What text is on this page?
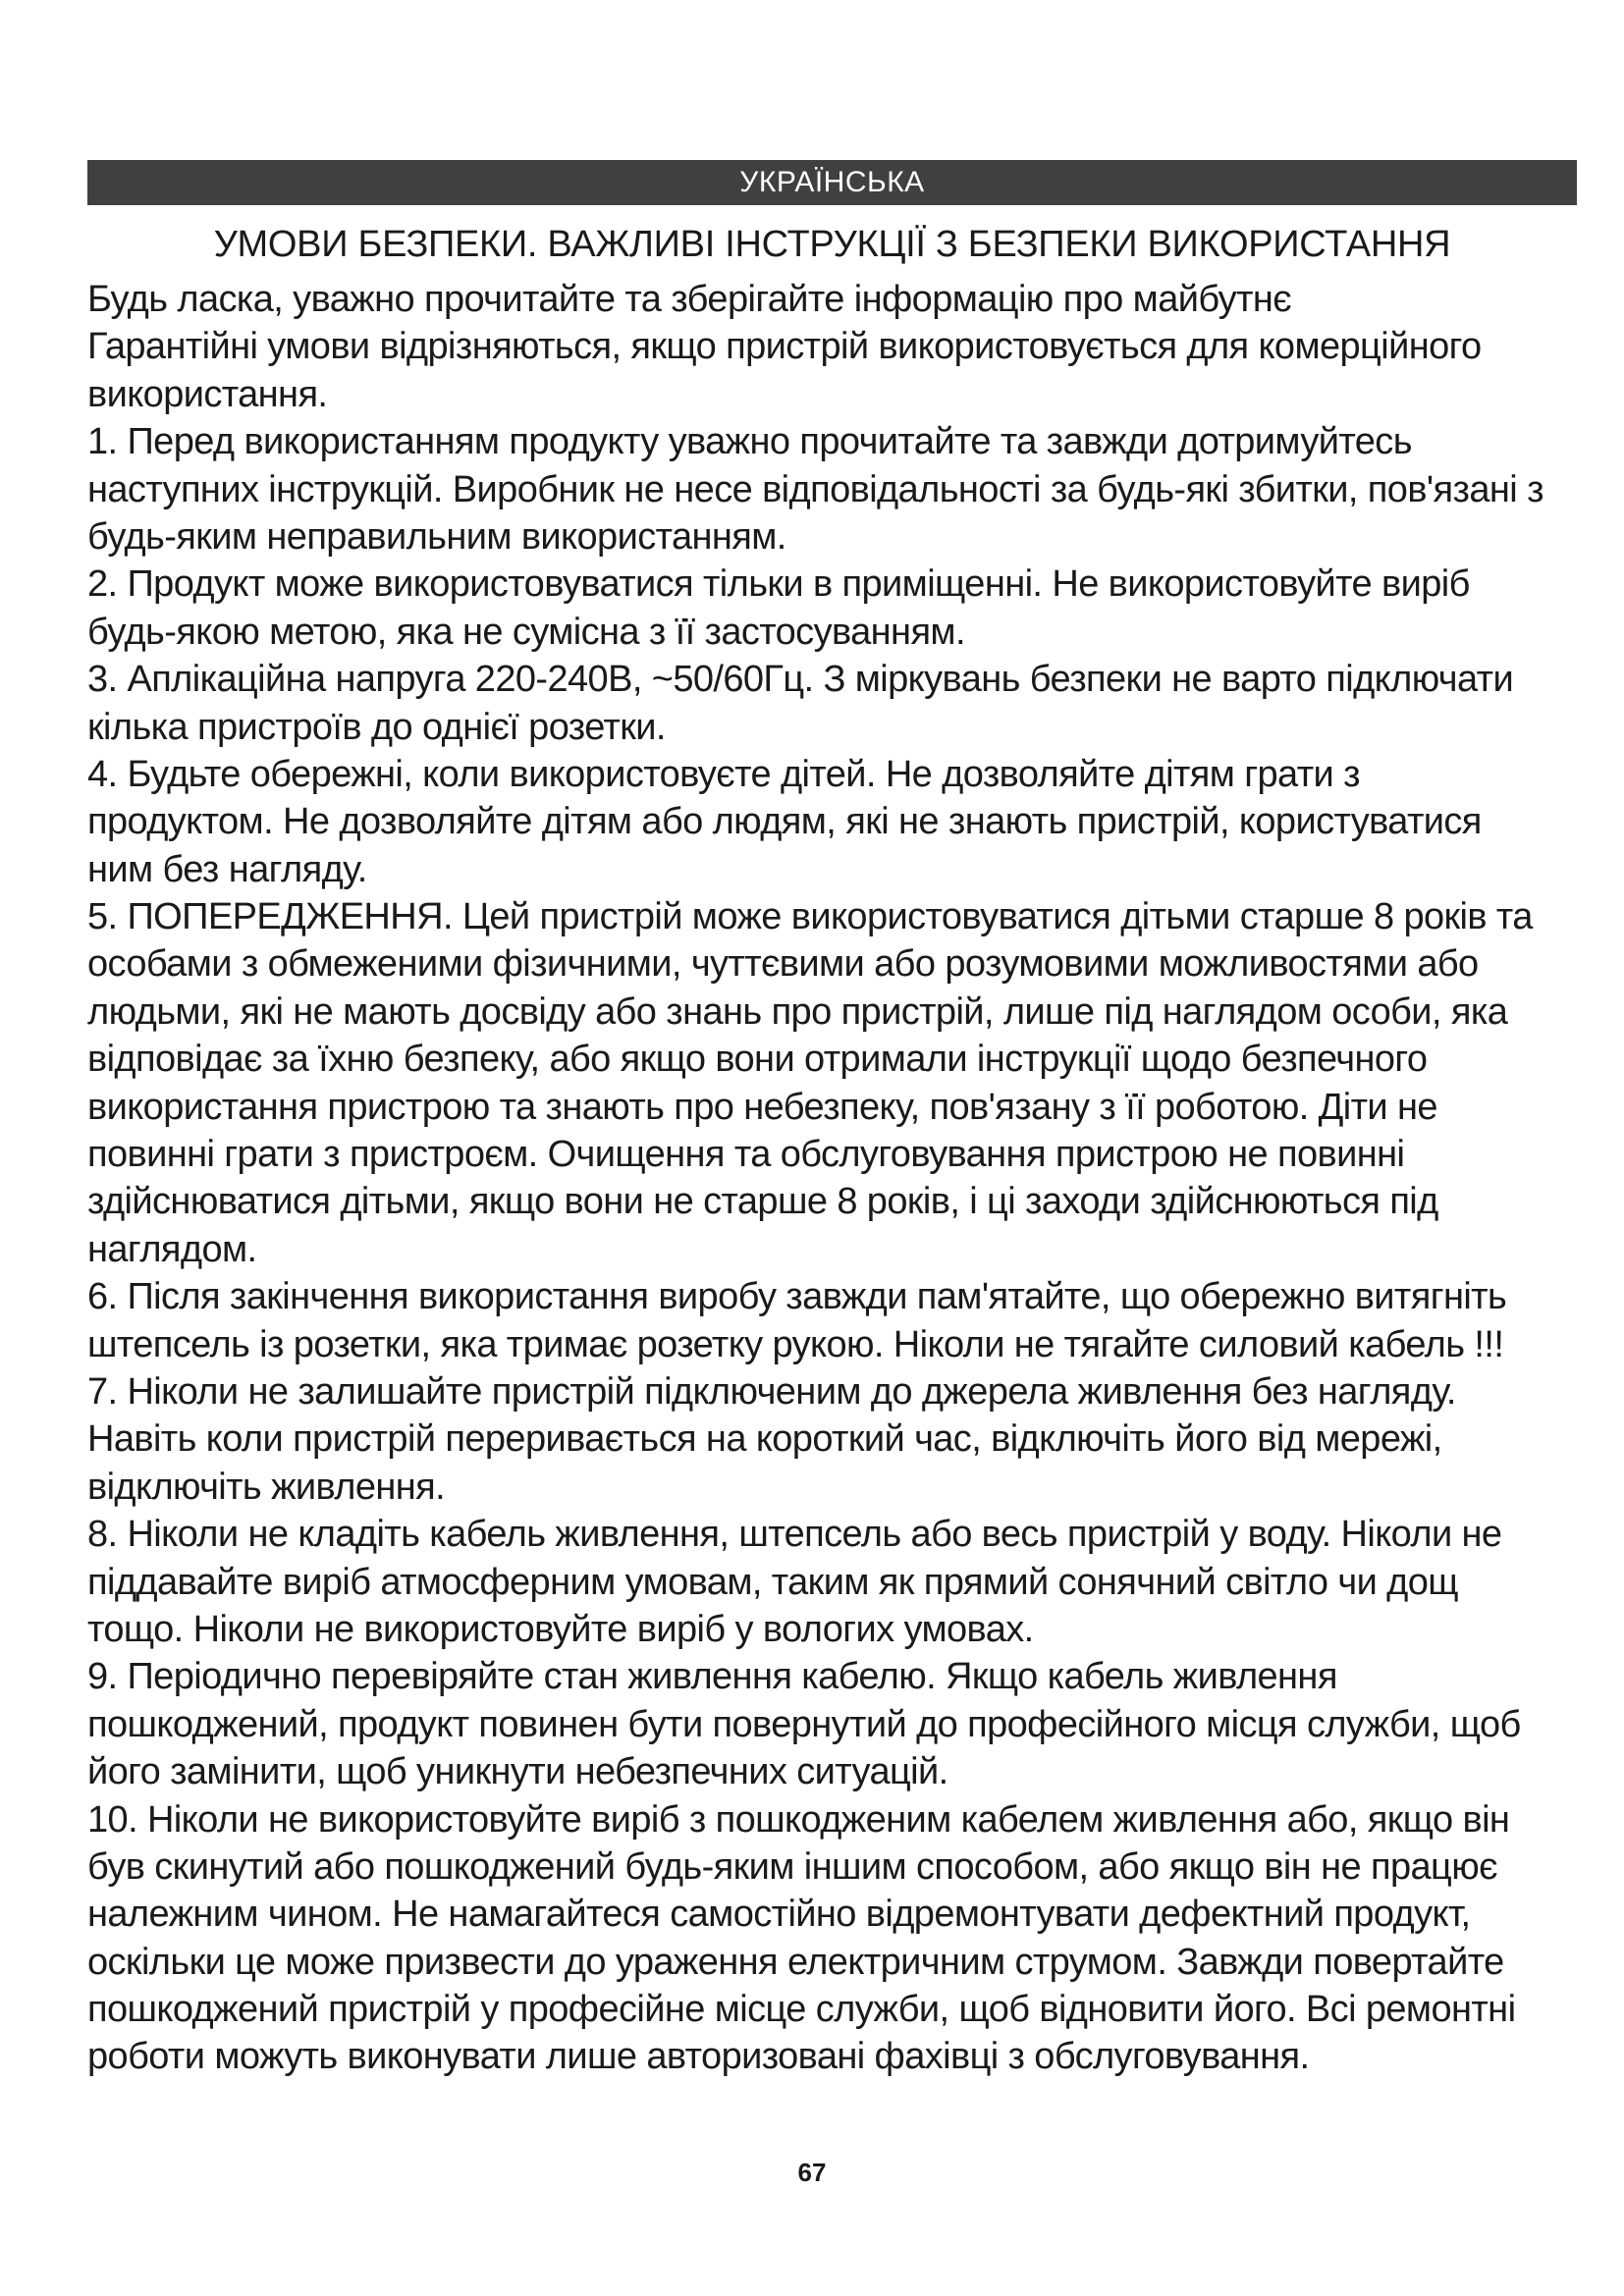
УКРАЇНСЬКА
УМОВИ БЕЗПЕКИ. ВАЖЛИВІ ІНСТРУКЦІЇ З БЕЗПЕКИ ВИКОРИСТАННЯ
Будь ласка, уважно прочитайте та зберігайте інформацію про майбутнє
Гарантійні умови відрізняються, якщо пристрій використовується для комерційного
використання.
1. Перед використанням продукту уважно прочитайте та завжди дотримуйтесь
наступних інструкцій. Виробник не несе відповідальності за будь-які збитки, пов'язані з
будь-яким неправильним використанням.
2. Продукт може використовуватися тільки в приміщенні. Не використовуйте виріб
будь-якою метою, яка не сумісна з її застосуванням.
3. Аплікаційна напруга 220-240В, ~50/60Гц. З міркувань безпеки не варто підключати
кілька пристроїв до однієї розетки.
4. Будьте обережні, коли використовуєте дітей. Не дозволяйте дітям грати з
продуктом. Не дозволяйте дітям або людям, які не знають пристрій, користуватися
ним без нагляду.
5. ПОПЕРЕДЖЕННЯ. Цей пристрій може використовуватися дітьми старше 8 років та
особами з обмеженими фізичними, чуттєвими або розумовими можливостями або
людьми, які не мають досвіду або знань про пристрій, лише під наглядом особи, яка
відповідає за їхню безпеку, або якщо вони отримали інструкції щодо безпечного
використання пристрою та знають про небезпеку, пов'язану з її роботою. Діти не
повинні грати з пристроєм. Очищення та обслуговування пристрою не повинні
здійснюватися дітьми, якщо вони не старше 8 років, і ці заходи здійснюються під
наглядом.
6. Після закінчення використання виробу завжди пам'ятайте, що обережно витягніть
штепсель із розетки, яка тримає розетку рукою. Ніколи не тягайте силовий кабель !!!
7. Ніколи не залишайте пристрій підключеним до джерела живлення без нагляду.
Навіть коли пристрій переривається на короткий час, відключіть його від мережі,
відключіть живлення.
8. Ніколи не кладіть кабель живлення, штепсель або весь пристрій у воду. Ніколи не
піддавайте виріб атмосферним умовам, таким як прямий сонячний світло чи дощ
тощо. Ніколи не використовуйте виріб у вологих умовах.
9. Періодично перевіряйте стан живлення кабелю. Якщо кабель живлення
пошкоджений, продукт повинен бути повернутий до професійного місця служби, щоб
його замінити, щоб уникнути небезпечних ситуацій.
10. Ніколи не використовуйте виріб з пошкодженим кабелем живлення або, якщо він
був скинутий або пошкоджений будь-яким іншим способом, або якщо він не працює
належним чином. Не намагайтеся самостійно відремонтувати дефектний продукт,
оскільки це може призвести до ураження електричним струмом. Завжди повертайте
пошкоджений пристрій у професійне місце служби, щоб відновити його. Всі ремонтні
роботи можуть виконувати лише авторизовані фахівці з обслуговування.
67
